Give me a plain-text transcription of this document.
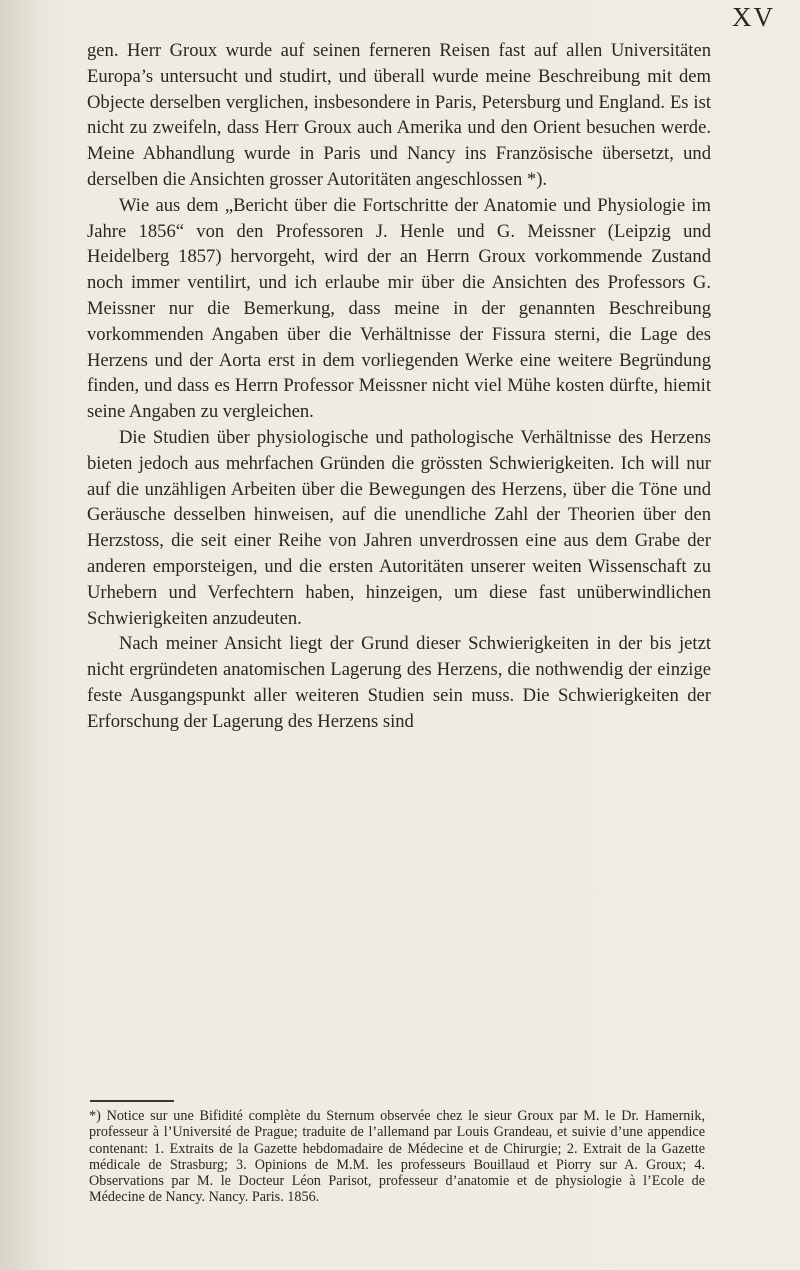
XV

gen. Herr Groux wurde auf seinen ferneren Reisen fast auf allen Universitäten Europa’s untersucht und studirt, und überall wurde meine Beschreibung mit dem Objecte derselben verglichen, insbesondere in Paris, Petersburg und England. Es ist nicht zu zweifeln, dass Herr Groux auch Amerika und den Orient besuchen werde. Meine Abhandlung wurde in Paris und Nancy ins Französische übersetzt, und derselben die Ansichten grosser Autoritäten angeschlossen *).

Wie aus dem „Bericht über die Fortschritte der Anatomie und Physiologie im Jahre 1856“ von den Professoren J. Henle und G. Meissner (Leipzig und Heidelberg 1857) hervorgeht, wird der an Herrn Groux vorkommende Zustand noch immer ventilirt, und ich erlaube mir über die Ansichten des Professors G. Meissner nur die Bemerkung, dass meine in der genannten Beschreibung vorkommenden Angaben über die Verhältnisse der Fissura sterni, die Lage des Herzens und der Aorta erst in dem vorliegenden Werke eine weitere Begründung finden, und dass es Herrn Professor Meissner nicht viel Mühe kosten dürfte, hiemit seine Angaben zu vergleichen.

Die Studien über physiologische und pathologische Verhältnisse des Herzens bieten jedoch aus mehrfachen Gründen die grössten Schwierigkeiten. Ich will nur auf die unzähligen Arbeiten über die Bewegungen des Herzens, über die Töne und Geräusche desselben hinweisen, auf die unendliche Zahl der Theorien über den Herzstoss, die seit einer Reihe von Jahren unverdrossen eine aus dem Grabe der anderen emporsteigen, und die ersten Autoritäten unserer weiten Wissenschaft zu Urhebern und Verfechtern haben, hinzeigen, um diese fast unüberwindlichen Schwierigkeiten anzudeuten.

Nach meiner Ansicht liegt der Grund dieser Schwierigkeiten in der bis jetzt nicht ergründeten anatomischen Lagerung des Herzens, die nothwendig der einzige feste Ausgangspunkt aller weiteren Studien sein muss. Die Schwierigkeiten der Erforschung der Lagerung des Herzens sind

*) Notice sur une Bifidité complète du Sternum observée chez le sieur Groux par M. le Dr. Hamernik, professeur à l’Université de Prague; traduite de l’allemand par Louis Grandeau, et suivie d’une appendice contenant: 1. Extraits de la Gazette hebdomadaire de Médecine et de Chirurgie; 2. Extrait de la Gazette médicale de Strasburg; 3. Opinions de M.M. les professeurs Bouillaud et Piorry sur A. Groux; 4. Observations par M. le Docteur Léon Parisot, professeur d’anatomie et de physiologie à l’Ecole de Médecine de Nancy. Nancy. Paris. 1856.
